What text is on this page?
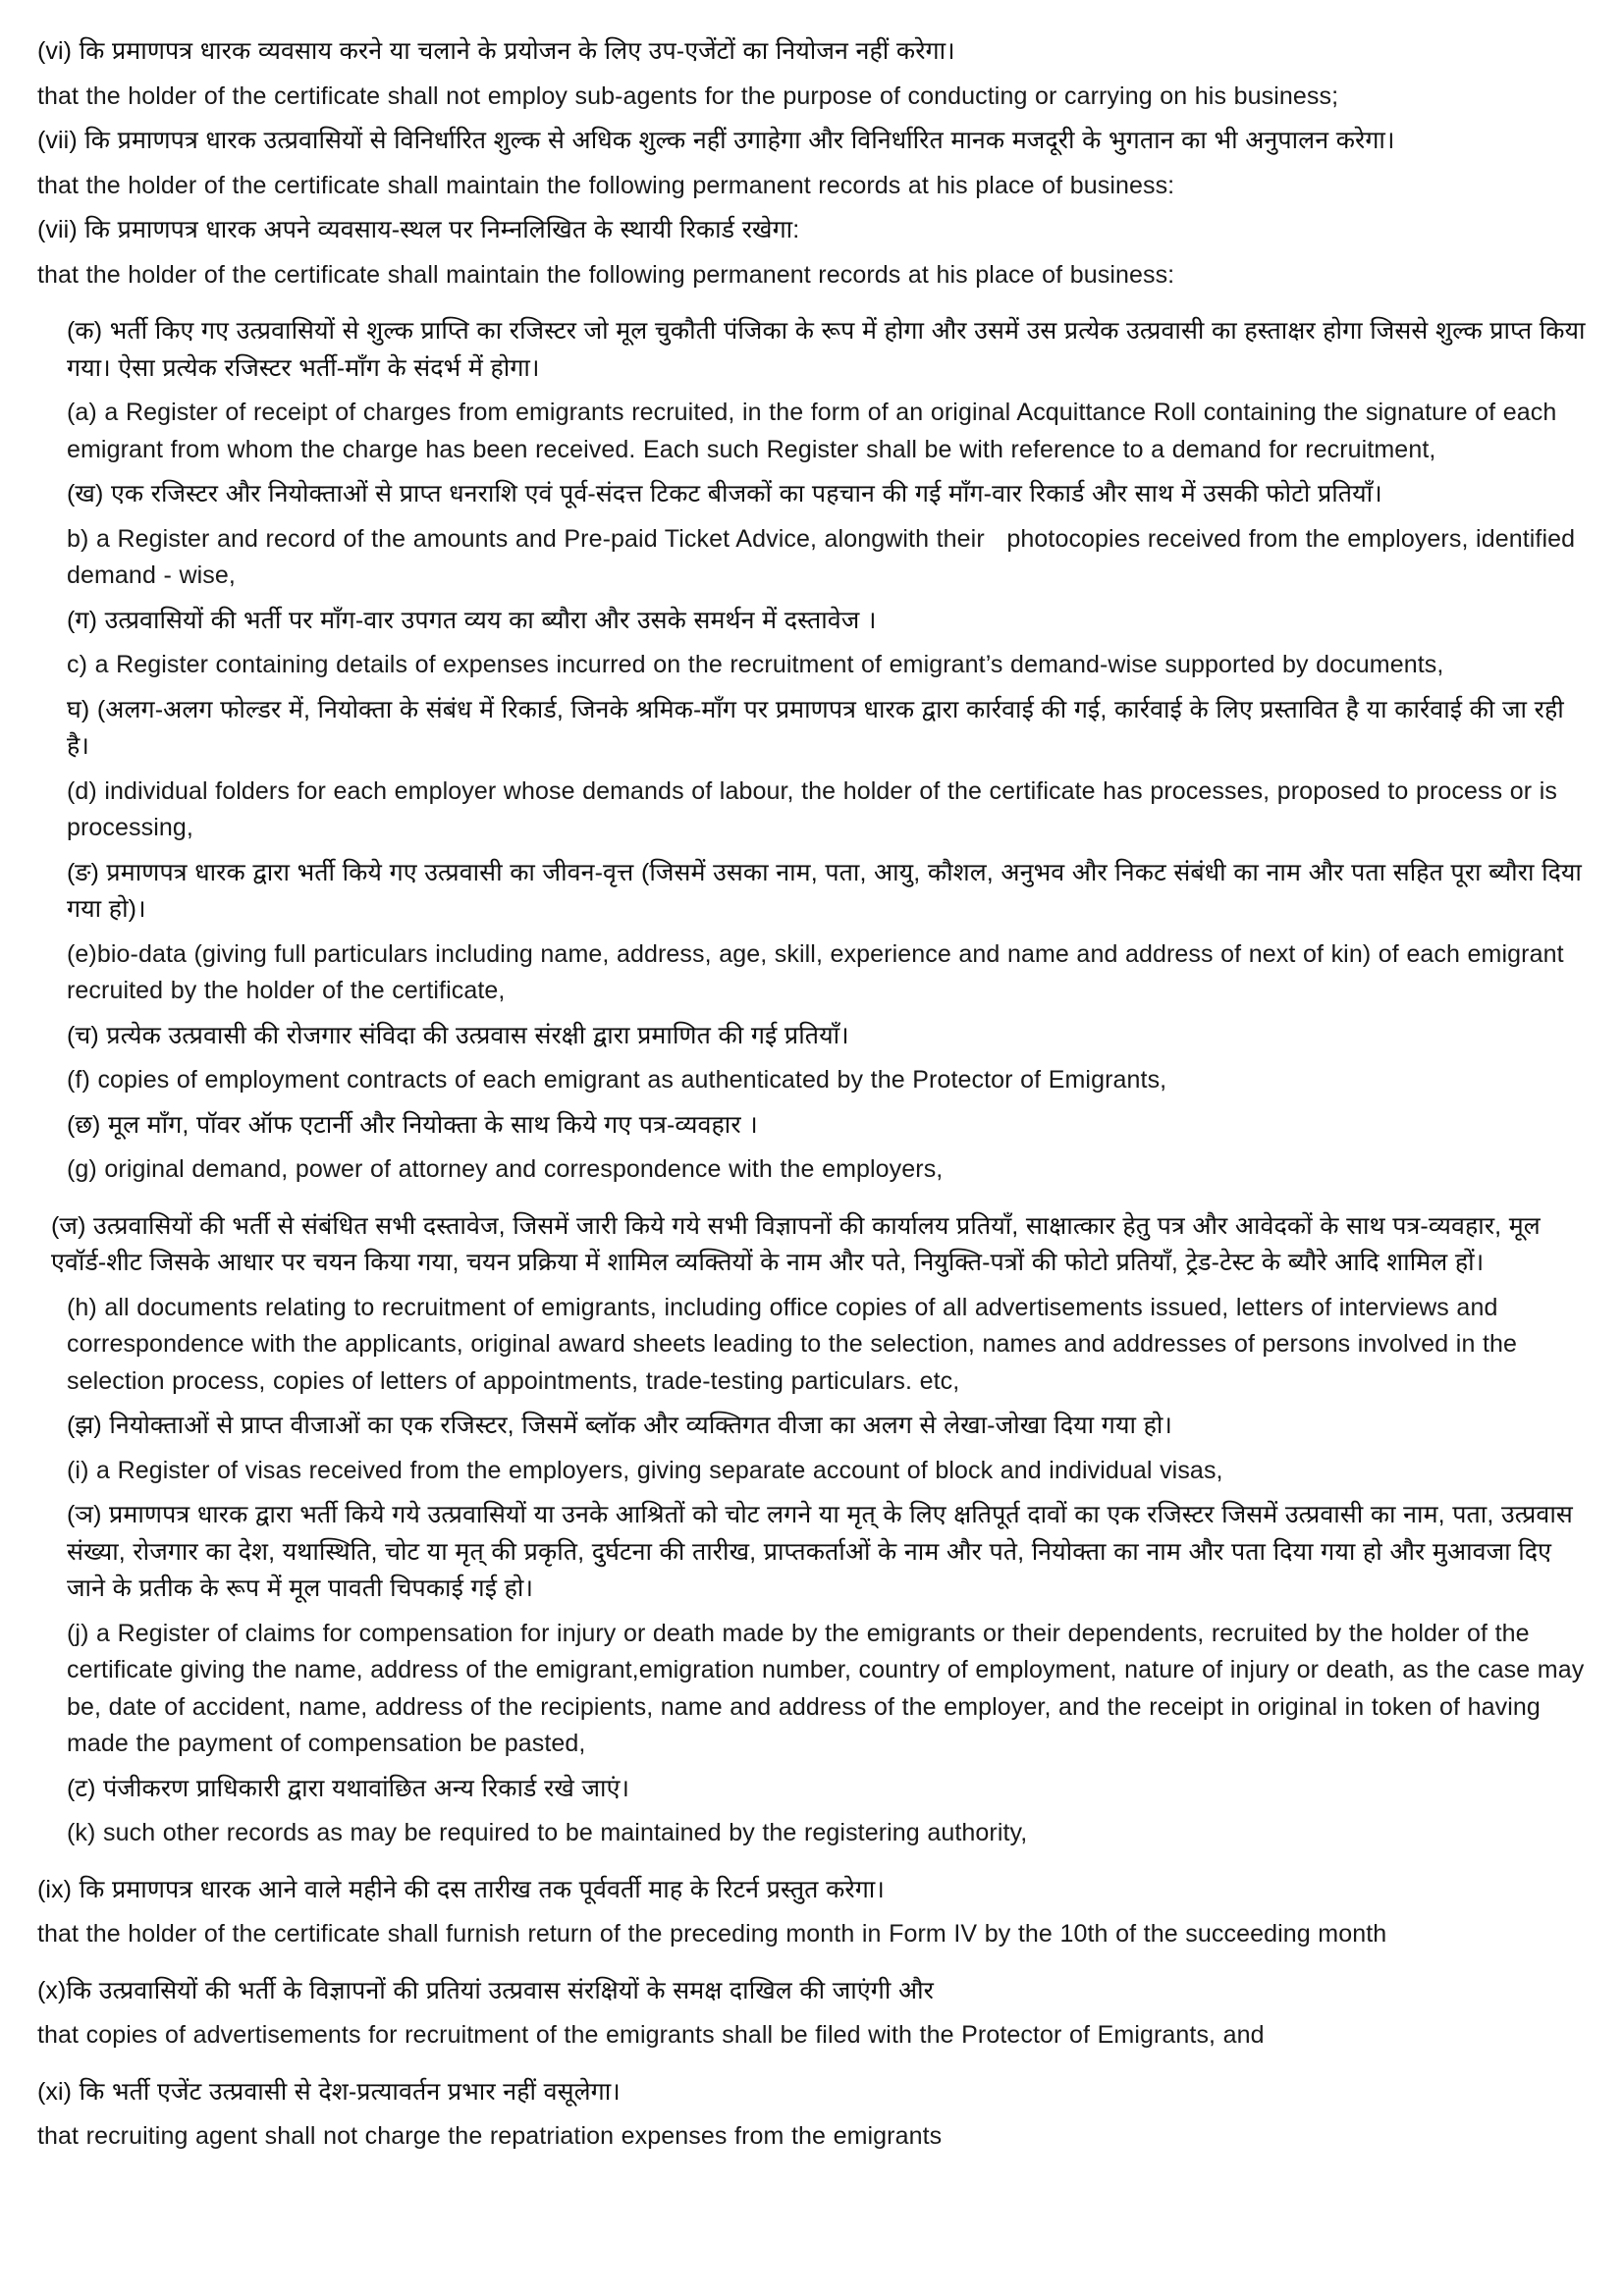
(vi) कि प्रमाणपत्र धारक व्यवसाय करने या चलाने के प्रयोजन के लिए उप-एजेंटों का नियोजन नहीं करेगा।

that the holder of the certificate shall not employ sub-agents for the purpose of conducting or carrying on his business;

(vii) कि प्रमाणपत्र धारक उत्प्रवासियों से विनिर्धारित शुल्क से अधिक शुल्क नहीं उगाहेगा और विनिर्धारित मानक मजदूरी के भुगतान का भी अनुपालन करेगा।

that the holder of the certificate shall maintain the following permanent records at his place of business:

(vii) कि प्रमाणपत्र धारक अपने व्यवसाय-स्थल पर निम्नलिखित के स्थायी रिकार्ड रखेगा:

that the holder of the certificate shall maintain the following permanent records at his place of business:

(क) भर्ती किए गए उत्प्रवासियों से शुल्क प्राप्ति का रजिस्टर जो मूल चुकौती पंजिका के रूप में होगा और उसमें उस प्रत्येक उत्प्रवासी का हस्ताक्षर होगा जिससे शुल्क प्राप्त किया गया। ऐसा प्रत्येक रजिस्टर भर्ती-माँग के संदर्भ में होगा।

(a) a Register of receipt of charges from emigrants recruited, in the form of an original Acquittance Roll containing the signature of each emigrant from whom the charge has been received. Each such Register shall be with reference to a demand for recruitment,

(ख) एक रजिस्टर और नियोक्ताओं से प्राप्त धनराशि एवं पूर्व-संदत्त टिकट बीजकों का पहचान की गई माँग-वार रिकार्ड और साथ में उसकी फोटो प्रतियाँ।

b) a Register and record of the amounts and Pre-paid Ticket Advice, alongwith their   photocopies received from the employers, identified demand - wise,

(ग) उत्प्रवासियों की भर्ती पर माँग-वार उपगत व्यय का ब्यौरा और उसके समर्थन में दस्तावेज ।

c) a Register containing details of expenses incurred on the recruitment of emigrant’s demand-wise supported by documents,

घ) (अलग-अलग फोल्डर में, नियोक्ता के संबंध में रिकार्ड, जिनके श्रमिक-माँग पर प्रमाणपत्र धारक द्वारा कार्रवाई की गई, कार्रवाई के लिए प्रस्तावित है या कार्रवाई की जा रही है।

(d) individual folders for each employer whose demands of labour, the holder of the certificate has processes, proposed to process or is processing,

(ङ) प्रमाणपत्र धारक द्वारा भर्ती किये गए उत्प्रवासी का जीवन-वृत्त (जिसमें उसका नाम, पता, आयु, कौशल, अनुभव और निकट संबंधी का नाम और पता सहित पूरा ब्यौरा दिया गया हो)।

(e)bio-data (giving full particulars including name, address, age, skill, experience and name and address of next of kin) of each emigrant recruited by the holder of the certificate,

(च) प्रत्येक उत्प्रवासी की रोजगार संविदा की उत्प्रवास संरक्षी द्वारा प्रमाणित की गई प्रतियाँ।

(f) copies of employment contracts of each emigrant as authenticated by the Protector of Emigrants,

(छ) मूल माँग, पॉवर ऑफ एटार्नी और नियोक्ता के साथ किये गए पत्र-व्यवहार ।

(g) original demand, power of attorney and correspondence with the employers,

(ज) उत्प्रवासियों की भर्ती से संबंधित सभी दस्तावेज, जिसमें जारी किये गये सभी विज्ञापनों की कार्यालय प्रतियाँ, साक्षात्कार हेतु पत्र और आवेदकों के साथ पत्र-व्यवहार, मूल एवॉर्ड-शीट जिसके आधार पर चयन किया गया, चयन प्रक्रिया में शामिल व्यक्तियों के नाम और पते, नियुक्ति-पत्रों की फोटो प्रतियाँ, ट्रेड-टेस्ट के ब्यौरे आदि शामिल हों।

(h) all documents relating to recruitment of emigrants, including office copies of all advertisements issued, letters of interviews and correspondence with the applicants, original award sheets leading to the selection, names and addresses of persons involved in the selection process, copies of letters of appointments, trade-testing particulars. etc,

(झ) नियोक्ताओं से प्राप्त वीजाओं का एक रजिस्टर, जिसमें ब्लॉक और व्यक्तिगत वीजा का अलग से लेखा-जोखा दिया गया हो।

(i) a Register of visas received from the employers, giving separate account of block and individual visas,

(ञ) प्रमाणपत्र धारक द्वारा भर्ती किये गये उत्प्रवासियों या उनके आश्रितों को चोट लगने या मृत् के लिए क्षतिपूर्त दावों का एक रजिस्टर जिसमें उत्प्रवासी का नाम, पता, उत्प्रवास संख्या, रोजगार का देश, यथास्थिति, चोट या मृत् की प्रकृति, दुर्घटना की तारीख, प्राप्तकर्ताओं के नाम और पते, नियोक्ता का नाम और पता दिया गया हो और मुआवजा दिए जाने के प्रतीक के रूप में मूल पावती चिपकाई गई हो।

(j) a Register of claims for compensation for injury or death made by the emigrants or their dependents, recruited by the holder of the certificate giving the name, address of the emigrant,emigration number, country of employment, nature of injury or death, as the case may be, date of accident, name, address of the recipients, name and address of the employer, and the receipt in original in token of having made the payment of compensation be pasted,

(ट) पंजीकरण प्राधिकारी द्वारा यथावांछित अन्य रिकार्ड रखे जाएं।

(k) such other records as may be required to be maintained by the registering authority,

(ix) कि प्रमाणपत्र धारक आने वाले महीने की दस तारीख तक पूर्ववर्ती माह के रिटर्न प्रस्तुत करेगा।

that the holder of the certificate shall furnish return of the preceding month in Form IV by the 10th of the succeeding month

(x)कि उत्प्रवासियों की भर्ती के विज्ञापनों की प्रतियां उत्प्रवास संरक्षियों के समक्ष दाखिल की जाएंगी और

that copies of advertisements for recruitment of the emigrants shall be filed with the Protector of Emigrants, and

(xi) कि भर्ती एजेंट उत्प्रवासी से देश-प्रत्यावर्तन प्रभार नहीं वसूलेगा।

that recruiting agent shall not charge the repatriation expenses from the emigrants
